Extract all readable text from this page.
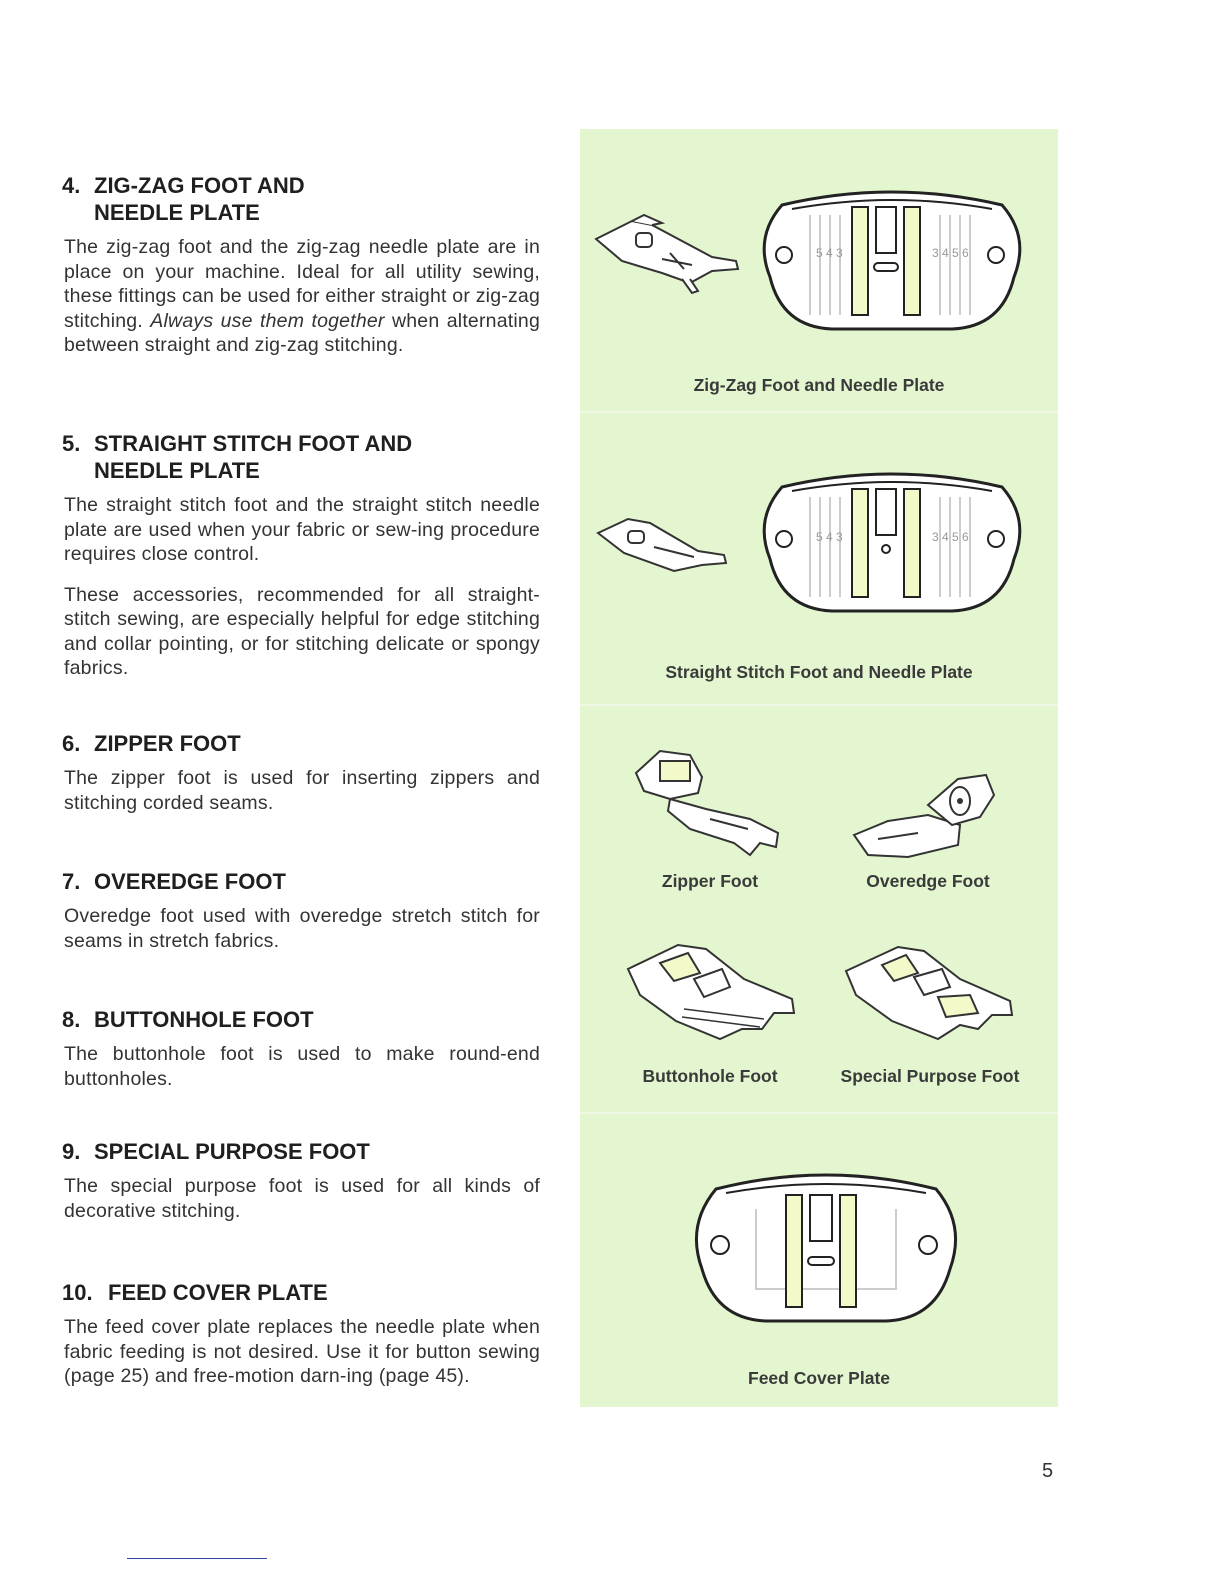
4. ZIG-ZAG FOOT AND
NEEDLE PLATE

The zig-zag foot and the zig-zag needle plate are in place on your machine. Ideal for all utility sewing, these fittings can be used for either straight or zig-zag stitching. Always use them together when alternating between straight and zig-zag stitching.

5. STRAIGHT STITCH FOOT AND
NEEDLE PLATE

The straight stitch foot and the straight stitch needle plate are used when your fabric or sew-ing procedure requires close control.

These accessories, recommended for all straight-stitch sewing, are especially helpful for edge stitching and collar pointing, or for stitching delicate or spongy fabrics.

6. ZIPPER FOOT

The zipper foot is used for inserting zippers and stitching corded seams.

7. OVEREDGE FOOT

Overedge foot used with overedge stretch stitch for seams in stretch fabrics.

8. BUTTONHOLE FOOT

The buttonhole foot is used to make round-end buttonholes.

9. SPECIAL PURPOSE FOOT

The special purpose foot is used for all kinds of decorative stitching.

10. FEED COVER PLATE

The feed cover plate replaces the needle plate when fabric feeding is not desired. Use it for button sewing (page 25) and free-motion darn-ing (page 45).

5 4 3	3 4 5 6
Zig-Zag Foot and Needle Plate
5 4 3	3 4 5 6
Straight Stitch Foot and Needle Plate
Zipper Foot	Overedge Foot
Buttonhole Foot	Special Purpose Foot
Feed Cover Plate
5
